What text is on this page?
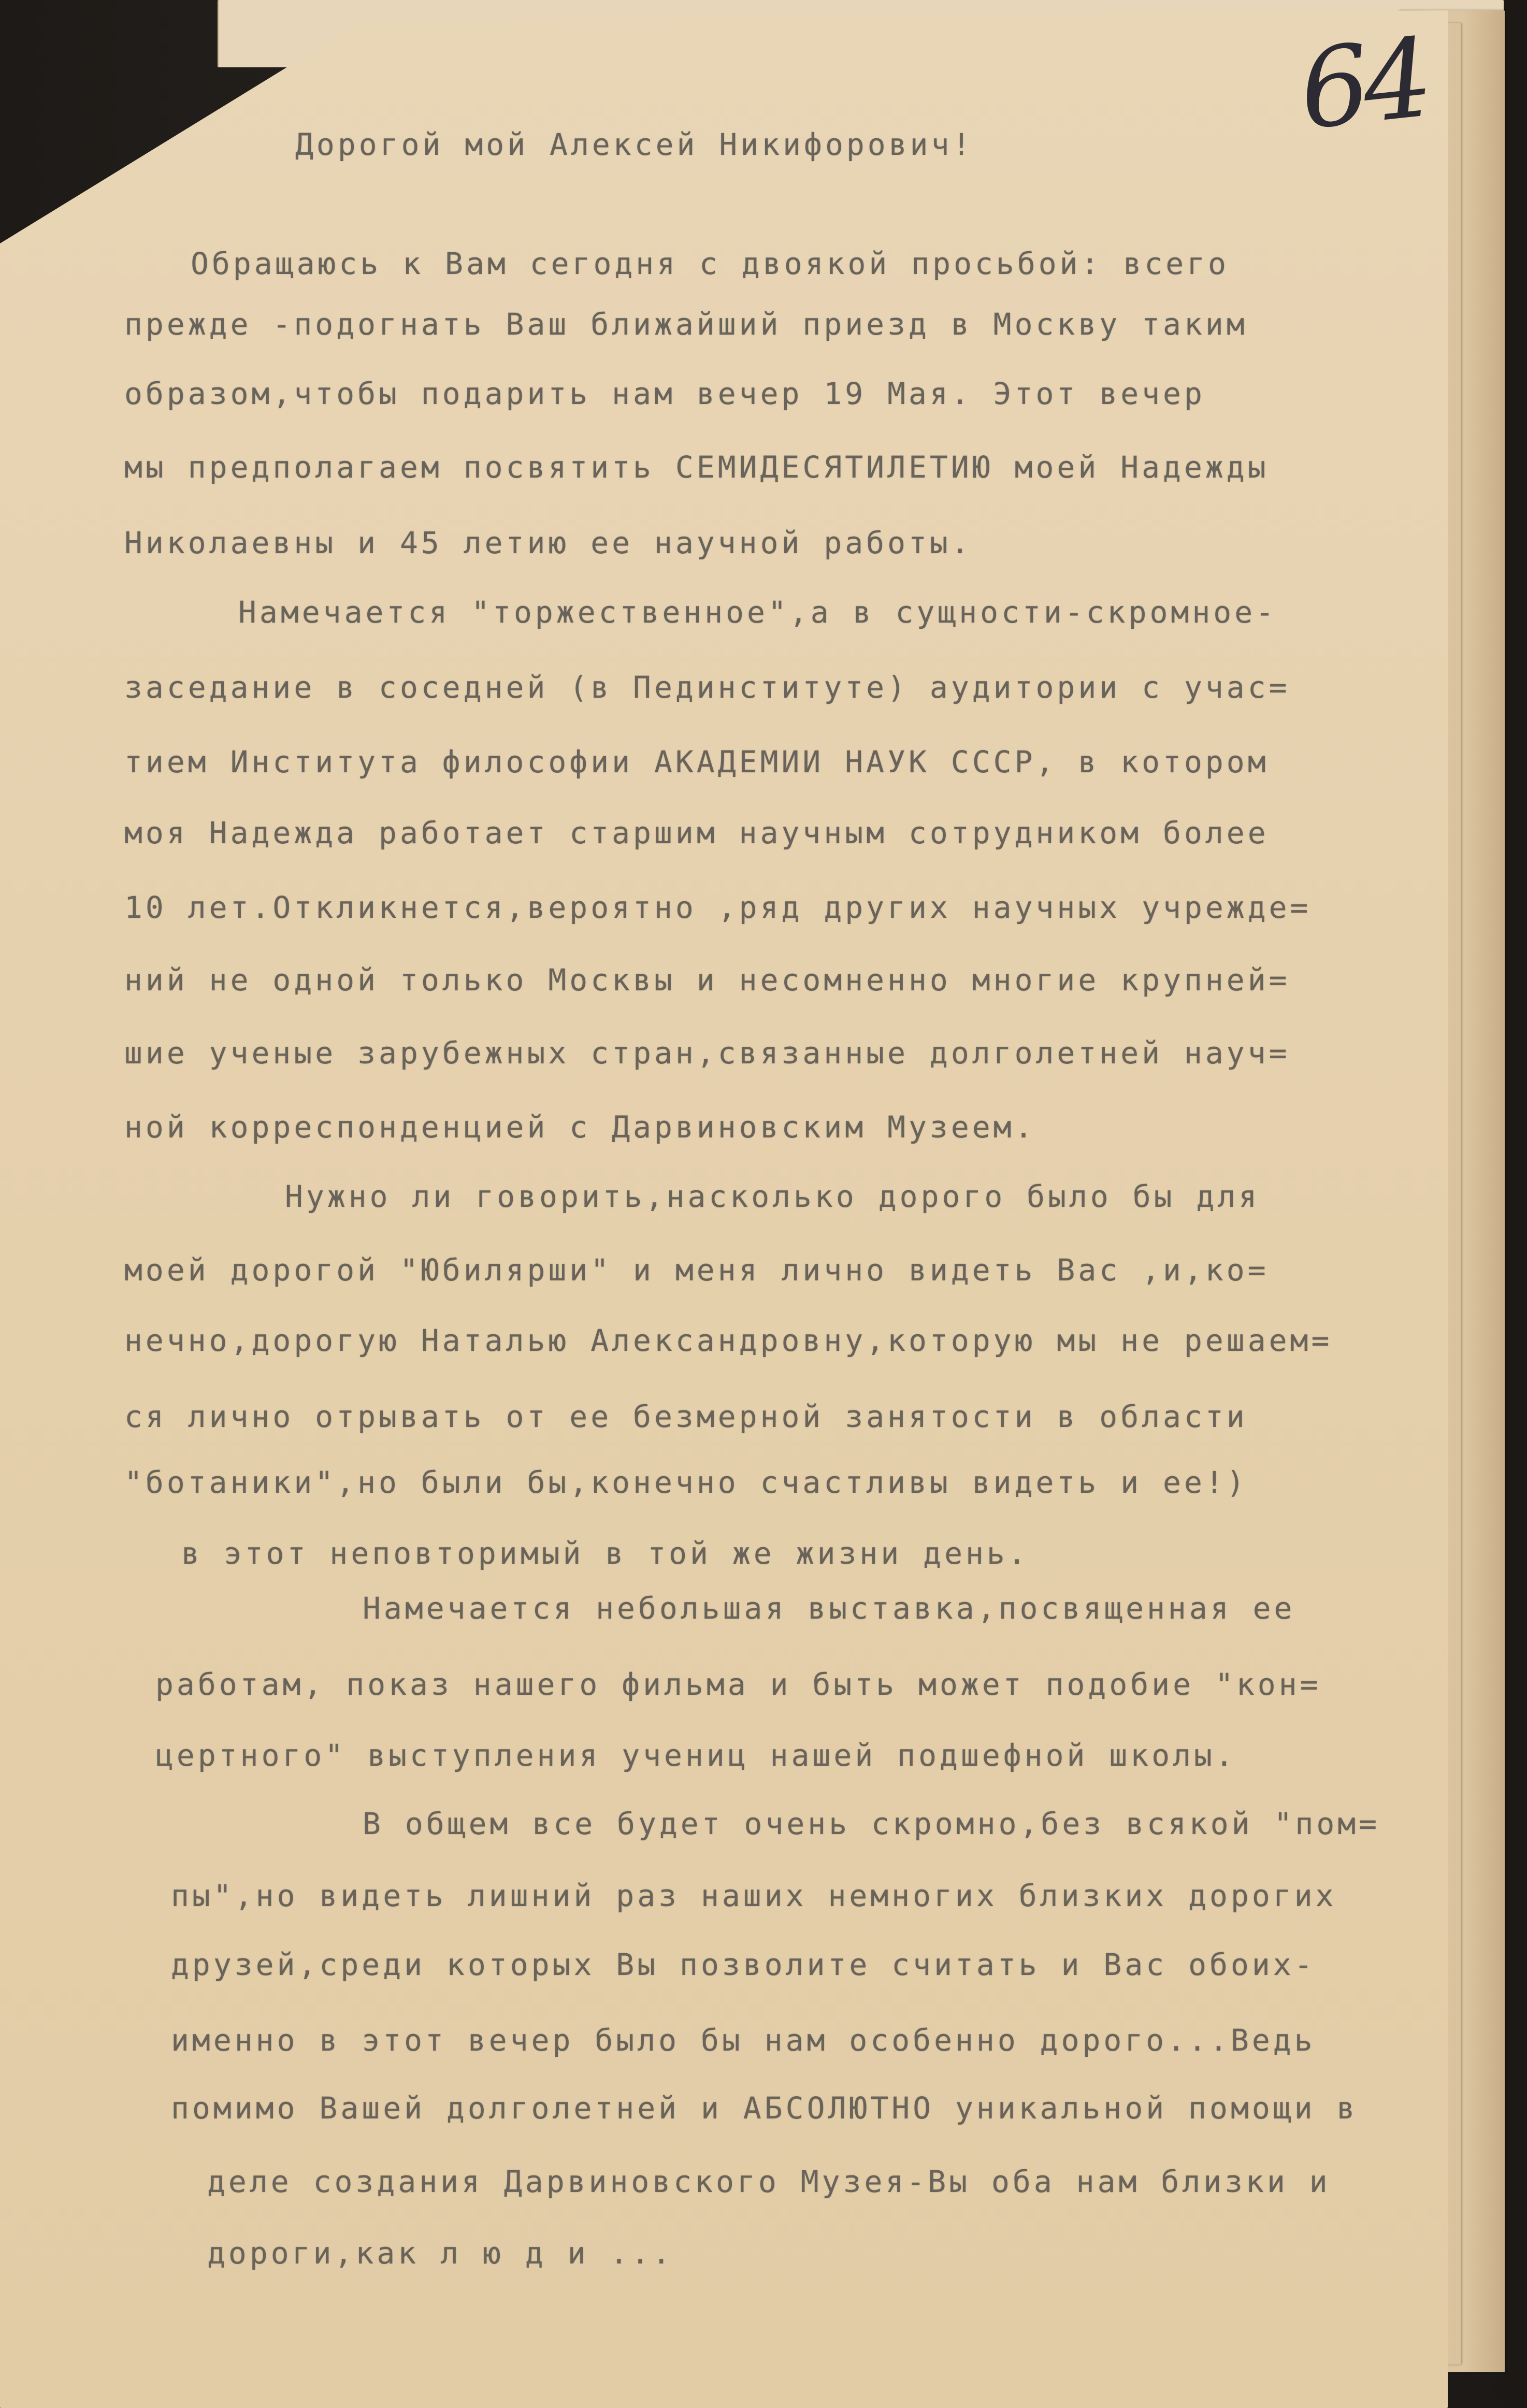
64
Дорогой мой Алексей Никифорович!
Обращаюсь к Вам сегодня с двоякой просьбой: всего
прежде -подогнать Ваш ближайший приезд в Москву таким
образом,чтобы подарить нам вечер 19 Мая. Этот вечер
мы предполагаем посвятить СЕМИДЕСЯТИЛЕТИЮ моей Надежды
Николаевны и 45 летию ее научной работы.
Намечается "торжественное",а в сущности-скромное-
заседание в соседней (в Пединституте) аудитории с учас=
тием Института философии АКАДЕМИИ НАУК СССР, в котором
моя Надежда работает старшим научным сотрудником более
10 лет.Откликнется,вероятно ,ряд других научных учрежде=
ний не одной только Москвы и несомненно многие крупней=
шие ученые зарубежных стран,связанные долголетней науч=
ной корреспонденцией с Дарвиновским Музеем.
Нужно ли говорить,насколько дорого было бы для
моей дорогой "Юбилярши" и меня лично видеть Вас ,и,ко=
нечно,дорогую Наталью Александровну,которую мы не решаем=
ся лично отрывать от ее безмерной занятости в области
"ботаники",но были бы,конечно счастливы видеть и ее!)
в этот неповторимый в той же жизни день.
Намечается небольшая выставка,посвященная ее
работам, показ нашего фильма и быть может подобие "кон=
цертного" выступления учениц нашей подшефной школы.
В общем все будет очень скромно,без всякой "пом=
пы",но видеть лишний раз наших немногих близких дорогих
друзей,среди которых Вы позволите считать и Вас обоих-
именно в этот вечер было бы нам особенно дорого...Ведь
помимо Вашей долголетней и АБСОЛЮТНО уникальной помощи в
деле создания Дарвиновского Музея-Вы оба нам близки и
дороги,как л ю д и ...
